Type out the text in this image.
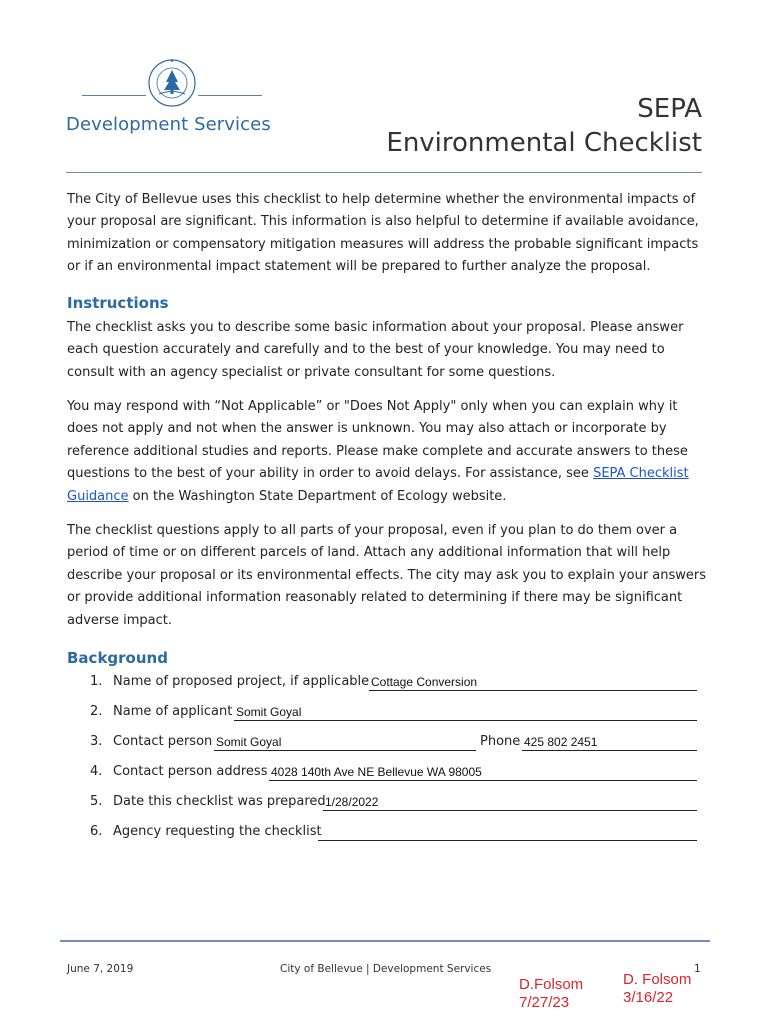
Development Services
SEPA
Environmental Checklist
The City of Bellevue uses this checklist to help determine whether the environmental impacts of your proposal are significant. This information is also helpful to determine if available avoidance, minimization or compensatory mitigation measures will address the probable significant impacts or if an environmental impact statement will be prepared to further analyze the proposal.
Instructions
The checklist asks you to describe some basic information about your proposal. Please answer each question accurately and carefully and to the best of your knowledge. You may need to consult with an agency specialist or private consultant for some questions.
You may respond with “Not Applicable” or "Does Not Apply" only when you can explain why it does not apply and not when the answer is unknown. You may also attach or incorporate by reference additional studies and reports. Please make complete and accurate answers to these questions to the best of your ability in order to avoid delays. For assistance, see SEPA Checklist Guidance on the Washington State Department of Ecology website.
The checklist questions apply to all parts of your proposal, even if you plan to do them over a period of time or on different parcels of land. Attach any additional information that will help describe your proposal or its environmental effects. The city may ask you to explain your answers or provide additional information reasonably related to determining if there may be significant adverse impact.
Background
1. Name of proposed project, if applicable Cottage Conversion
2. Name of applicant Somit Goyal
3. Contact person Somit Goyal	Phone 425 802 2451
4. Contact person address 4028 140th Ave NE Bellevue WA 98005
5. Date this checklist was prepared 1/28/2022
6. Agency requesting the checklist
June 7, 2019	City of Bellevue | Development Services	1
D.Folsom
7/27/23
D. Folsom
3/16/22
